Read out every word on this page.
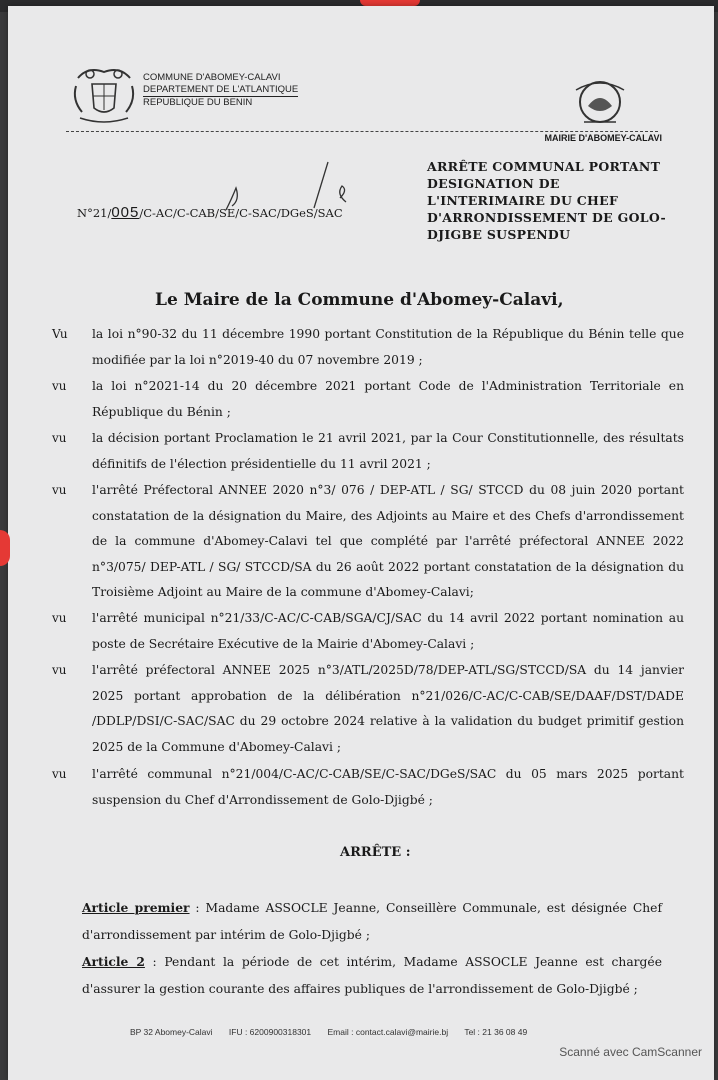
COMMUNE D'ABOMEY-CALAVI
DEPARTEMENT DE L'ATLANTIQUE
REPUBLIQUE DU BENIN
MAIRIE D'ABOMEY-CALAVI
N°21/005/C-AC/C-CAB/SE/C-SAC/DGeS/SAC
ARRÊTE COMMUNAL PORTANT DESIGNATION DE L'INTERIMAIRE DU CHEF D'ARRONDISSEMENT DE GOLO-DJIGBE SUSPENDU
Le Maire de la Commune d'Abomey-Calavi,
Vu	la loi n°90-32 du 11 décembre 1990 portant Constitution de la République du Bénin telle que modifiée par la loi n°2019-40 du 07 novembre 2019 ;
vu	la loi n°2021-14 du 20 décembre 2021 portant Code de l'Administration Territoriale en République du Bénin ;
vu	la décision portant Proclamation le 21 avril 2021, par la Cour Constitutionnelle, des résultats définitifs de l'élection présidentielle du 11 avril 2021 ;
vu	l'arrêté Préfectoral ANNEE 2020 n°3/ 076 / DEP-ATL / SG/ STCCD du 08 juin 2020 portant constatation de la désignation du Maire, des Adjoints au Maire et des Chefs d'arrondissement de la commune d'Abomey-Calavi tel que complété par l'arrêté préfectoral ANNEE 2022 n°3/075/ DEP-ATL / SG/ STCCD/SA du 26 août 2022 portant constatation de la désignation du Troisième Adjoint au Maire de la commune d'Abomey-Calavi;
vu	l'arrêté municipal n°21/33/C-AC/C-CAB/SGA/CJ/SAC du 14 avril 2022 portant nomination au poste de Secrétaire Exécutive de la Mairie d'Abomey-Calavi ;
vu	l'arrêté préfectoral ANNEE 2025 n°3/ATL/2025D/78/DEP-ATL/SG/STCCD/SA du 14 janvier 2025 portant approbation de la délibération n°21/026/C-AC/C-CAB/SE/DAAF/DST/DADE /DDLP/DSI/C-SAC/SAC du 29 octobre 2024 relative à la validation du budget primitif gestion 2025 de la Commune d'Abomey-Calavi ;
vu	l'arrêté communal n°21/004/C-AC/C-CAB/SE/C-SAC/DGeS/SAC du 05 mars 2025 portant suspension du Chef d'Arrondissement de Golo-Djigbé ;
ARRÊTE :
Article premier : Madame ASSOCLE Jeanne, Conseillère Communale, est désignée Chef d'arrondissement par intérim de Golo-Djigbé ;
Article 2 : Pendant la période de cet intérim, Madame ASSOCLE Jeanne est chargée d'assurer la gestion courante des affaires publiques de l'arrondissement de Golo-Djigbé ;
BP 32 Abomey-Calavi IFU : 6200900318301 Email : contact.calavi@mairie.bj Tel : 21 36 08 49
Scanné avec CamScanner
